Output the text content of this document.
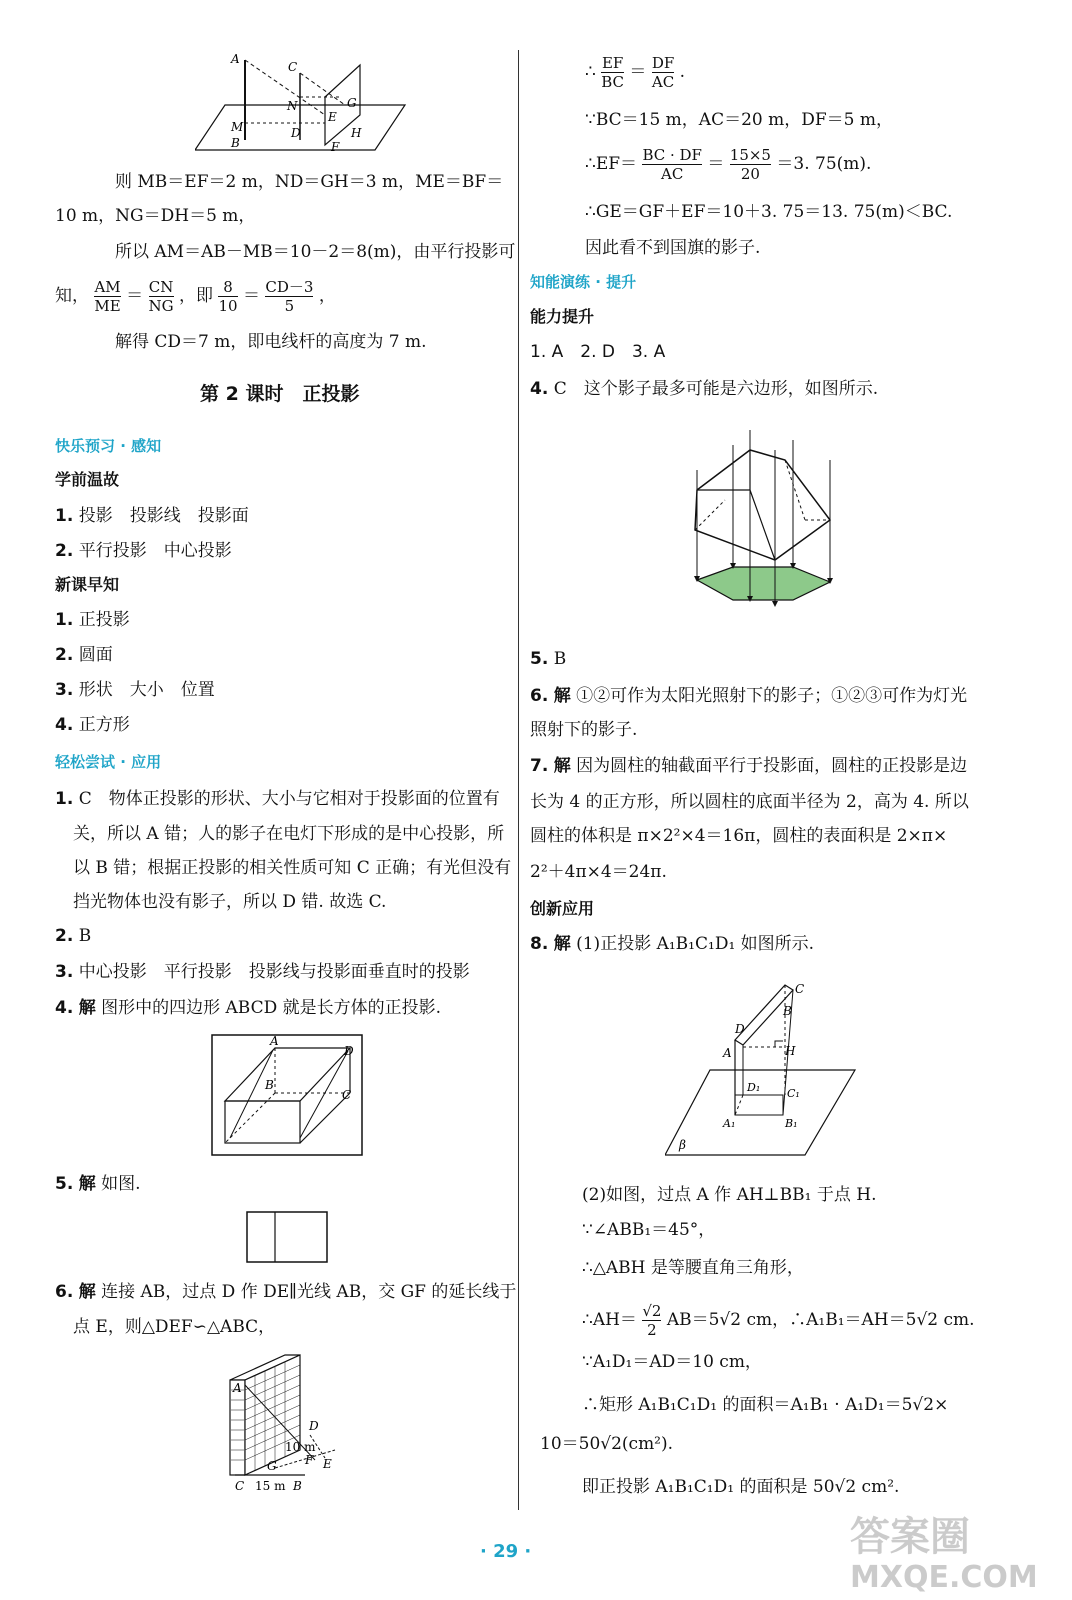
A
C
N	G
M
E
B
D	H
F
则 MB＝EF＝2 m，ND＝GH＝3 m，ME＝BF＝
10 m，NG＝DH＝5 m，
所以 AM＝AB－MB＝10－2＝8(m)，由平行投影可
知， $\frac{AM}{ME} = \frac{CN}{NG}$ ，即 $\frac{8}{10} = \frac{CD-3}{5}$ ，
解得 CD＝7 m，即电线杆的高度为 7 m.
第 2 课时　正投影
快乐预习 · 感知
学前温故
1. 投影　投影线　投影面
2. 平行投影　中心投影
新课早知
1. 正投影
2. 圆面
3. 形状　大小　位置
4. 正方形
轻松尝试 · 应用
1. C　物体正投影的形状、大小与它相对于投影面的位置有
关，所以 A 错；人的影子在电灯下形成的是中心投影，所
以 B 错；根据正投影的相关性质可知 C 正确；有光但没有
挡光物体也没有影子，所以 D 错. 故选 C.
2. B
3. 中心投影　平行投影　投影线与投影面垂直时的投影
4. 解 图形中的四边形 ABCD 就是长方体的正投影.
A
D
B
C
5. 解 如图.
6. 解 连接 AB，过点 D 作 DE∥光线 AB，交 GF 的延长线于
点 E，则△DEF∽△ABC，
A
D
10 m
G F E
C 15 m B
∴ $\frac{EF}{BC} = \frac{DF}{AC}$ .
∵BC＝15 m，AC＝20 m，DF＝5 m，
∴EF＝ $\frac{BC \cdot DF}{AC} = \frac{15\times 5}{20} =3$. 75(m).
∴GE＝GF＋EF＝10＋3. 75＝13. 75(m)＜BC.
因此看不到国旗的影子.
知能演练 · 提升
能力提升
1. A　2. D　3. A
4. C　这个影子最多可能是六边形，如图所示.
5. B
6. 解 ①②可作为太阳光照射下的影子；①②③可作为灯光
照射下的影子.
7. 解 因为圆柱的轴截面平行于投影面，圆柱的正投影是边
长为 4 的正方形，所以圆柱的底面半径为 2，高为 4. 所以
圆柱的体积是 π×2²×4＝16π，圆柱的表面积是 2×π×
2²＋4π×4＝24π.
创新应用
8. 解 (1)正投影 A₁B₁C₁D₁ 如图所示.
C
B
D
A	H
D₁ C₁
A₁	B₁
β
(2)如图，过点 A 作 AH⊥BB₁ 于点 H.
∵∠ABB₁＝45°，
∴△ABH 是等腰直角三角形，
∴AH＝ $\frac{√2}{2} AB=5√2$ cm，∴A₁B₁＝AH＝5√2 cm.
∵A₁D₁＝AD＝10 cm，
∴矩形 A₁B₁C₁D₁ 的面积＝A₁B₁ · A₁D₁＝5√2×
10＝50√2(cm²).
即正投影 A₁B₁C₁D₁ 的面积是 50√2 cm².
· 29 ·	答案圈
MXQE.COM
